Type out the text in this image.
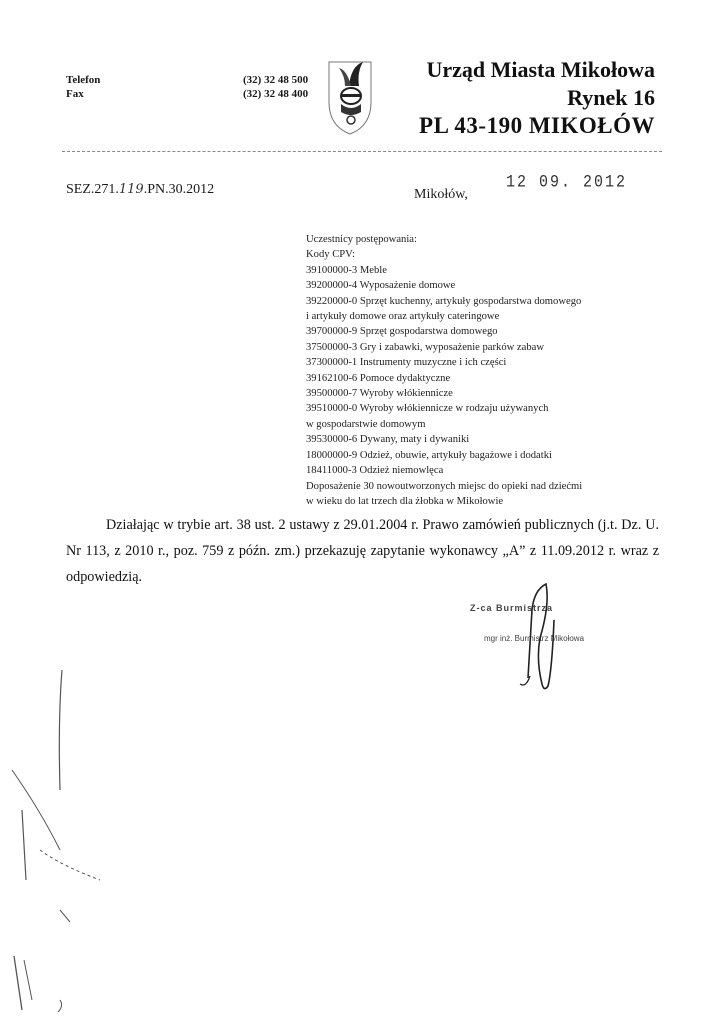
Telefon
Fax
(32) 32 48 500
(32) 32 48 400
Urząd Miasta Mikołowa
Rynek 16
PL 43-190 MIKOŁÓW
SEZ.271.119.PN.30.2012	Mikołów,
12 09. 2012
Uczestnicy postępowania:
Kody CPV:
39100000-3 Meble
39200000-4 Wyposażenie domowe
39220000-0 Sprzęt kuchenny, artykuły gospodarstwa domowego
i artykuły domowe oraz artykuły cateringowe
39700000-9 Sprzęt gospodarstwa domowego
37500000-3 Gry i zabawki, wyposażenie parków zabaw
37300000-1 Instrumenty muzyczne i ich części
39162100-6 Pomoce dydaktyczne
39500000-7 Wyroby włókiennicze
39510000-0 Wyroby włókiennicze w rodzaju używanych
w gospodarstwie domowym
39530000-6 Dywany, maty i dywaniki
18000000-9 Odzież, obuwie, artykuły bagażowe i dodatki
18411000-3 Odzież niemowlęca
Doposażenie 30 nowoutworzonych miejsc do opieki nad dziećmi
w wieku do lat trzech dla żłobka w Mikołowie
Działając w trybie art. 38 ust. 2 ustawy z 29.01.2004 r. Prawo zamówień publicznych (j.t. Dz. U. Nr 113, z 2010 r., poz. 759 z późn. zm.) przekazuję zapytanie wykonawcy „A” z 11.09.2012 r. wraz z odpowiedzią.
Z-ca Burmistrza
mgr inż. Burmistrz Mikołowa
